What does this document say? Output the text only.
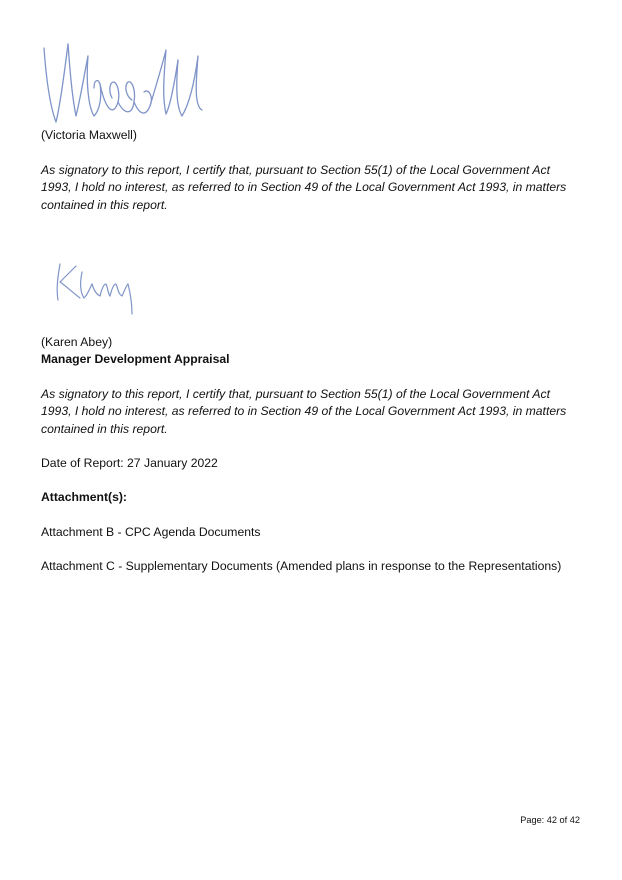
(Victoria Maxwell)
As signatory to this report, I certify that, pursuant to Section 55(1) of the Local Government Act
1993, I hold no interest, as referred to in Section 49 of the Local Government Act 1993, in matters
contained in this report.
(Karen Abey)
Manager Development Appraisal
As signatory to this report, I certify that, pursuant to Section 55(1) of the Local Government Act
1993, I hold no interest, as referred to in Section 49 of the Local Government Act 1993, in matters
contained in this report.
Date of Report: 27 January 2022
Attachment(s):
Attachment B - CPC Agenda Documents
Attachment C - Supplementary Documents (Amended plans in response to the Representations)
Page: 42 of 42
